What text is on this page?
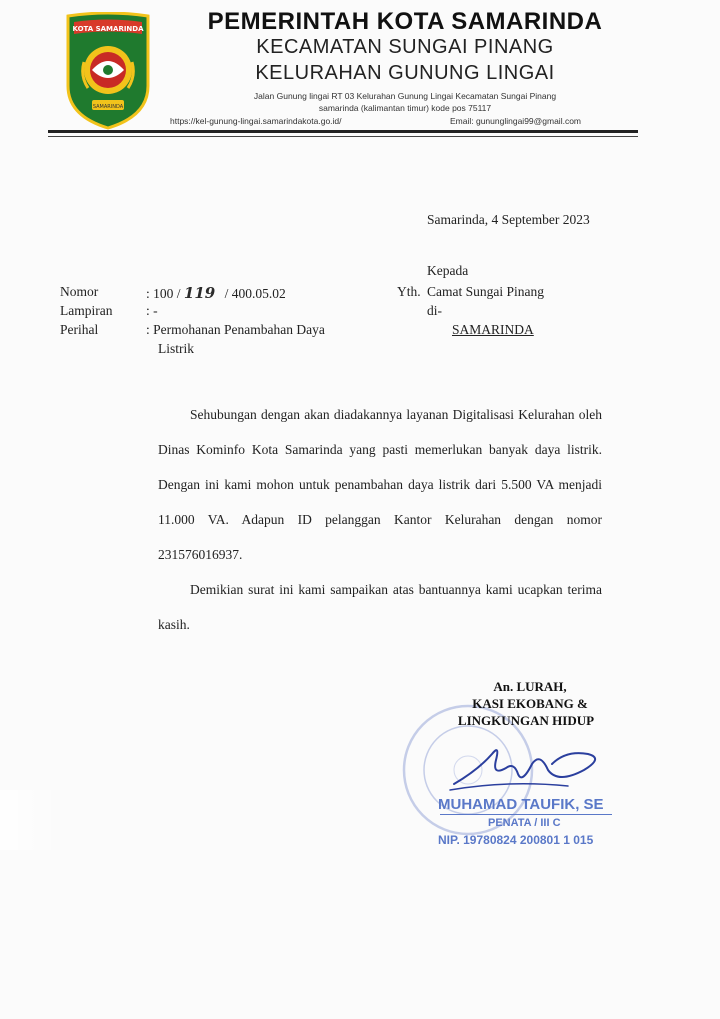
KOTA SAMARINDA
SAMARINDA
PEMERINTAH KOTA SAMARINDA
KECAMATAN SUNGAI PINANG
KELURAHAN GUNUNG LINGAI
Jalan Gunung lingai RT 03 Kelurahan Gunung Lingai Kecamatan Sungai Pinang
samarinda (kalimantan timur) kode pos 75117
https://kel-gunung-lingai.samarindakota.go.id/	Email: gununglingai99@gmail.com
Samarinda, 4 September 2023
Kepada
Yth. Camat Sungai Pinang
di-
SAMARINDA
Nomor	: 100 / 119 / 400.05.02
Lampiran : -
Perihal	: Permohanan Penambahan Daya
Listrik
Sehubungan dengan akan diadakannya layanan Digitalisasi Kelurahan oleh Dinas Kominfo Kota Samarinda yang pasti memerlukan banyak daya listrik. Dengan ini kami mohon untuk penambahan daya listrik dari 5.500 VA menjadi 11.000 VA. Adapun ID pelanggan Kantor Kelurahan dengan nomor 231576016937.
Demikian surat ini kami sampaikan atas bantuannya kami ucapkan terima kasih.
An. LURAH,
KASI EKOBANG &
LINGKUNGAN HIDUP
MUHAMAD TAUFIK, SE
PENATA / III C
NIP. 19780824 200801 1 015
